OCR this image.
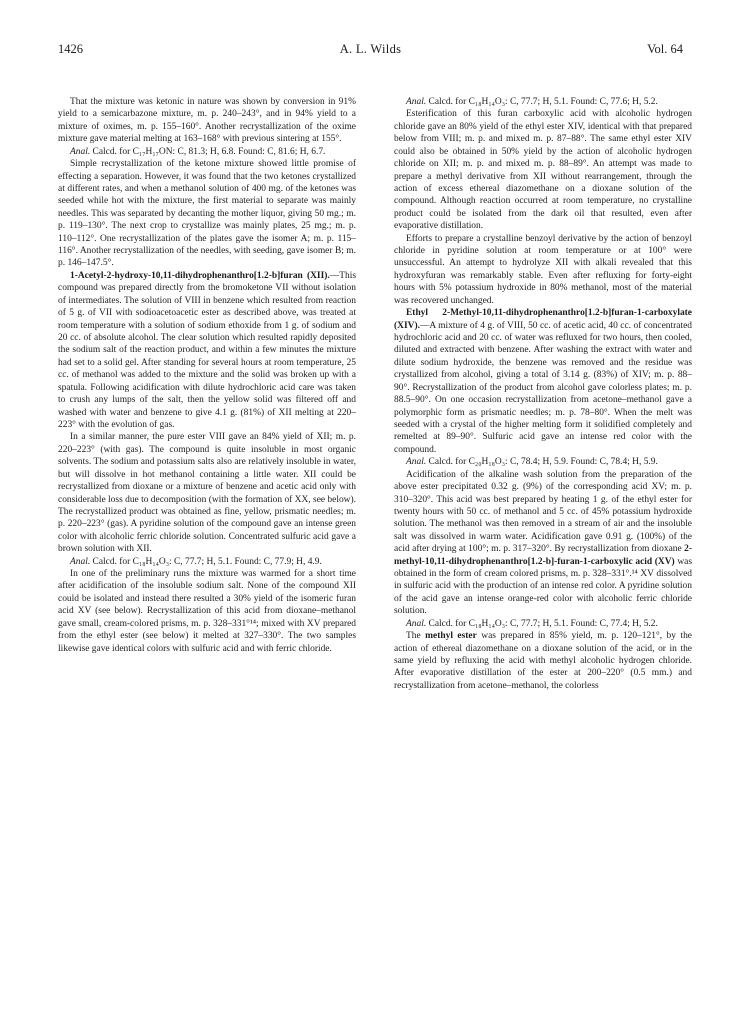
1426	A. L. Wilds	Vol. 64

That the mixture was ketonic in nature was shown by conversion in 91% yield to a semicarbazone mixture, m. p. 240–243°, and in 94% yield to a mixture of oximes, m. p. 155–160°. Another recrystallization of the oxime mixture gave material melting at 163–168° with previous sintering at 155°.

Anal. Calcd. for C₁₇H₁₇ON: C, 81.3; H, 6.8. Found: C, 81.6; H, 6.7.

Simple recrystallization of the ketone mixture showed little promise of effecting a separation. However, it was found that the two ketones crystallized at different rates, and when a methanol solution of 400 mg. of the ketones was seeded while hot with the mixture, the first material to separate was mainly needles. This was separated by decanting the mother liquor, giving 50 mg.; m. p. 119–130°. The next crop to crystallize was mainly plates, 25 mg.; m. p. 110–112°. One recrystallization of the plates gave the isomer A; m. p. 115–116°. Another recrystallization of the needles, with seeding, gave isomer B; m. p. 146–147.5°.

1-Acetyl-2-hydroxy-10,11-dihydrophenanthro[1.2-b]furan (XII).—This compound was prepared directly from the bromoketone VII without isolation of intermediates. The solution of VIII in benzene which resulted from reaction of 5 g. of VII with sodioacetoacetic ester as described above, was treated at room temperature with a solution of sodium ethoxide from 1 g. of sodium and 20 cc. of absolute alcohol. The clear solution which resulted rapidly deposited the sodium salt of the reaction product, and within a few minutes the mixture had set to a solid gel. After standing for several hours at room temperature, 25 cc. of methanol was added to the mixture and the solid was broken up with a spatula. Following acidification with dilute hydrochloric acid care was taken to crush any lumps of the salt, then the yellow solid was filtered off and washed with water and benzene to give 4.1 g. (81%) of XII melting at 220–223° with the evolution of gas.

In a similar manner, the pure ester VIII gave an 84% yield of XII; m. p. 220–223° (with gas). The compound is quite insoluble in most organic solvents. The sodium and potassium salts also are relatively insoluble in water, but will dissolve in hot methanol containing a little water. XII could be recrystallized from dioxane or a mixture of benzene and acetic acid only with considerable loss due to decomposition (with the formation of XX, see below). The recrystallized product was obtained as fine, yellow, prismatic needles; m. p. 220–223° (gas). A pyridine solution of the compound gave an intense green color with alcoholic ferric chloride solution. Concentrated sulfuric acid gave a brown solution with XII.

Anal. Calcd. for C₁₈H₁₄O₃: C, 77.7; H, 5.1. Found: C, 77.9; H, 4.9.

In one of the preliminary runs the mixture was warmed for a short time after acidification of the insoluble sodium salt. None of the compound XII could be isolated and instead there resulted a 30% yield of the isomeric furan acid XV (see below). Recrystallization of this acid from dioxane–methanol gave small, cream-colored prisms, m. p. 328–331°¹⁴; mixed with XV prepared from the ethyl ester (see below) it melted at 327–330°. The two samples likewise gave identical colors with sulfuric acid and with ferric chloride.

Anal. Calcd. for C₁₈H₁₄O₃: C, 77.7; H, 5.1. Found: C, 77.6; H, 5.2.

Esterification of this furan carboxylic acid with alcoholic hydrogen chloride gave an 80% yield of the ethyl ester XIV, identical with that prepared below from VIII; m. p. and mixed m. p. 87–88°. The same ethyl ester XIV could also be obtained in 50% yield by the action of alcoholic hydrogen chloride on XII; m. p. and mixed m. p. 88–89°. An attempt was made to prepare a methyl derivative from XII without rearrangement, through the action of excess ethereal diazomethane on a dioxane solution of the compound. Although reaction occurred at room temperature, no crystalline product could be isolated from the dark oil that resulted, even after evaporative distillation.

Efforts to prepare a crystalline benzoyl derivative by the action of benzoyl chloride in pyridine solution at room temperature or at 100° were unsuccessful. An attempt to hydrolyze XII with alkali revealed that this hydroxyfuran was remarkably stable. Even after refluxing for forty-eight hours with 5% potassium hydroxide in 80% methanol, most of the material was recovered unchanged.

Ethyl 2-Methyl-10,11-dihydrophenanthro[1.2-b]furan-1-carboxylate (XIV).—A mixture of 4 g. of VIII, 50 cc. of acetic acid, 40 cc. of concentrated hydrochloric acid and 20 cc. of water was refluxed for two hours, then cooled, diluted and extracted with benzene. After washing the extract with water and dilute sodium hydroxide, the benzene was removed and the residue was crystallized from alcohol, giving a total of 3.14 g. (83%) of XIV; m. p. 88–90°. Recrystallization of the product from alcohol gave colorless plates; m. p. 88.5–90°. On one occasion recrystallization from acetone–methanol gave a polymorphic form as prismatic needles; m. p. 78–80°. When the melt was seeded with a crystal of the higher melting form it solidified completely and remelted at 89–90°. Sulfuric acid gave an intense red color with the compound.

Anal. Calcd. for C₂₀H₁₈O₃: C, 78.4; H, 5.9. Found: C, 78.4; H, 5.9.

Acidification of the alkaline wash solution from the preparation of the above ester precipitated 0.32 g. (9%) of the corresponding acid XV; m. p. 310–320°. This acid was best prepared by heating 1 g. of the ethyl ester for twenty hours with 50 cc. of methanol and 5 cc. of 45% potassium hydroxide solution. The methanol was then removed in a stream of air and the insoluble salt was dissolved in warm water. Acidification gave 0.91 g. (100%) of the acid after drying at 100°; m. p. 317–320°. By recrystallization from dioxane 2-methyl-10,11-dihydrophenanthro[1.2-b]-furan-1-carboxylic acid (XV) was obtained in the form of cream colored prisms, m. p. 328–331°.¹⁴ XV dissolved in sulfuric acid with the production of an intense red color. A pyridine solution of the acid gave an intense orange-red color with alcoholic ferric chloride solution.

Anal. Calcd. for C₁₈H₁₄O₃: C, 77.7; H, 5.1. Found: C, 77.4; H, 5.2.

The methyl ester was prepared in 85% yield, m. p. 120–121°, by the action of ethereal diazomethane on a dioxane solution of the acid, or in the same yield by refluxing the acid with methyl alcoholic hydrogen chloride. After evaporative distillation of the ester at 200–220° (0.5 mm.) and recrystallization from acetone–methanol, the colorless
